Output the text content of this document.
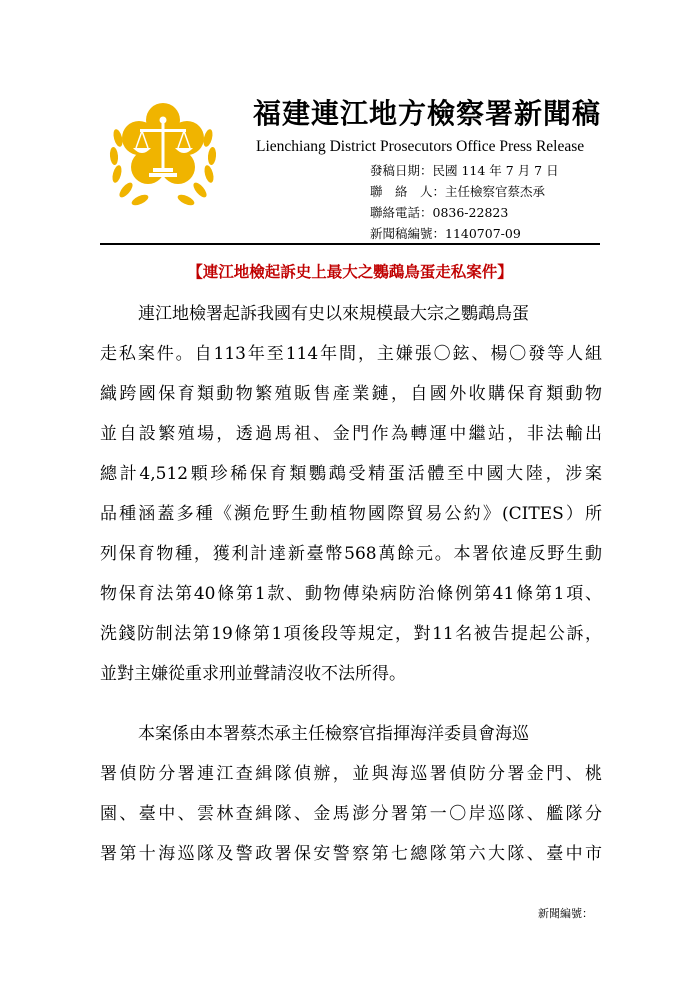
福建連江地方檢察署新聞稿
Lienchiang District Prosecutors Office Press Release
發稿日期：民國 114 年 7 月 7 日
聯　絡　人：主任檢察官蔡杰承
聯絡電話：0836-22823
新聞稿編號：1140707-09
【連江地檢起訴史上最大之鸚鵡鳥蛋走私案件】
連江地檢署起訴我國有史以來規模最大宗之鸚鵡鳥蛋
走私案件。自113年至114年間，主嫌張〇鉉、楊〇發等人組
織跨國保育類動物繁殖販售產業鏈，自國外收購保育類動物
並自設繁殖場，透過馬祖、金門作為轉運中繼站，非法輸出
總計4,512顆珍稀保育類鸚鵡受精蛋活體至中國大陸，涉案
品種涵蓋多種《瀕危野生動植物國際貿易公約》(CITES）所
列保育物種，獲利計達新臺幣568萬餘元。本署依違反野生動
物保育法第40條第1款、動物傳染病防治條例第41條第1項、
洗錢防制法第19條第1項後段等規定，對11名被告提起公訴，
並對主嫌從重求刑並聲請沒收不法所得。
本案係由本署蔡杰承主任檢察官指揮海洋委員會海巡
署偵防分署連江查緝隊偵辦，並與海巡署偵防分署金門、桃
園、臺中、雲林查緝隊、金馬澎分署第一〇岸巡隊、艦隊分
署第十海巡隊及警政署保安警察第七總隊第六大隊、臺中市
新聞編號：
